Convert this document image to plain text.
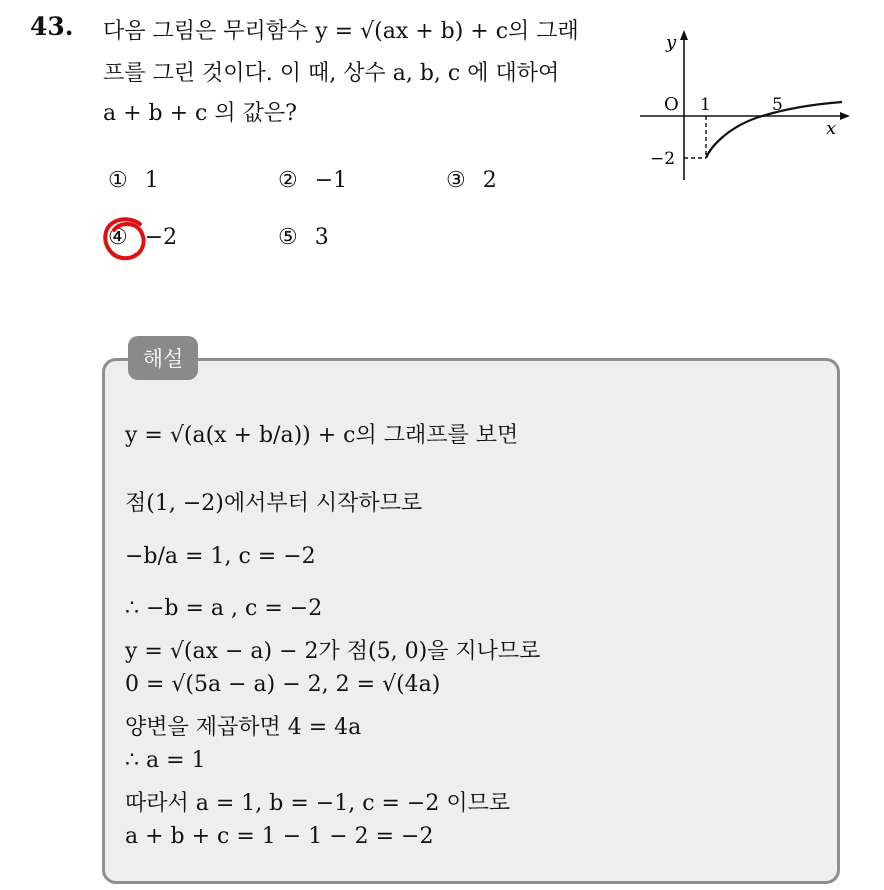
43. 다음 그림은 무리함수 y = √(ax + b) + c의 그래
프를 그린 것이다. 이 때, 상수 a, b, c 에 대하여
a + b + c 의 값은?
① 1	② −1	③ 2
④ −2	⑤ 3
y
x
O 1	5
−2
해설
y = √(a(x + b/a)) + c의 그래프를 보면
점(1, −2)에서부터 시작하므로
−b/a = 1, c = −2
∴ −b = a , c = −2
y = √(ax − a) − 2가 점(5, 0)을 지나므로
0 = √(5a − a) − 2, 2 = √(4a)
양변을 제곱하면 4 = 4a
∴ a = 1
따라서 a = 1, b = −1, c = −2 이므로
a + b + c = 1 − 1 − 2 = −2
